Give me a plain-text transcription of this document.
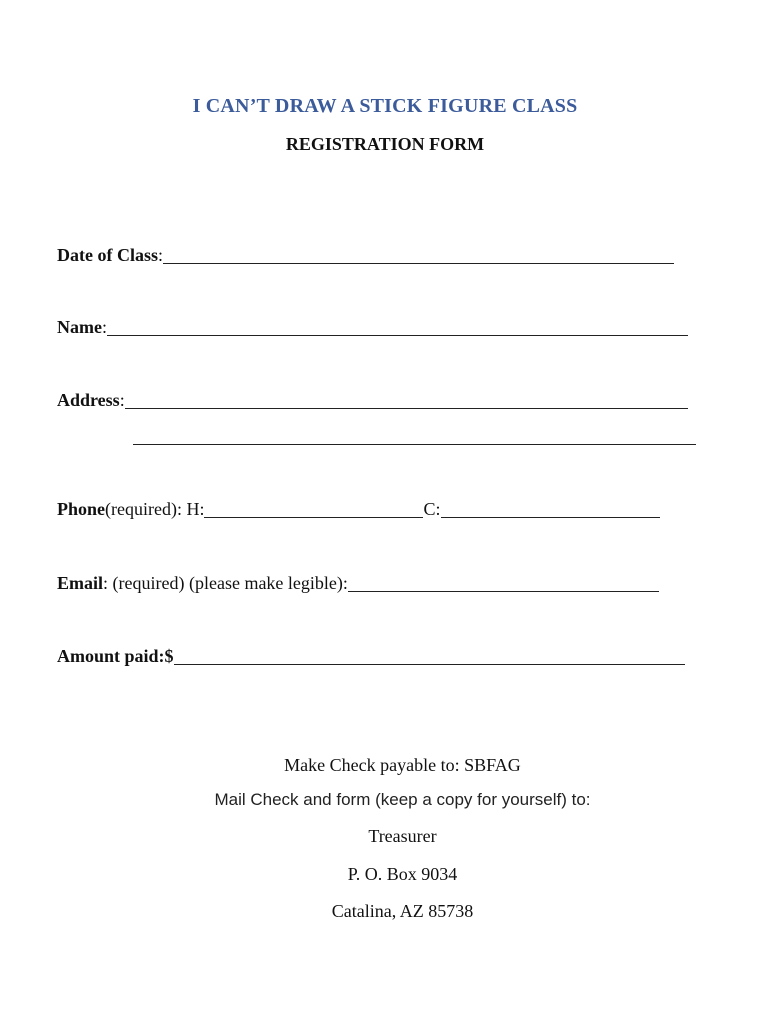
I CAN’T DRAW A STICK FIGURE CLASS
REGISTRATION FORM
Date of Class :
Name :
Address :
Phone (required): H:	C:
Email : (required) (please make legible):
Amount paid: $
Make Check payable to: SBFAG
Mail Check and form (keep a copy for yourself) to:
Treasurer
P. O. Box 9034
Catalina, AZ 85738
